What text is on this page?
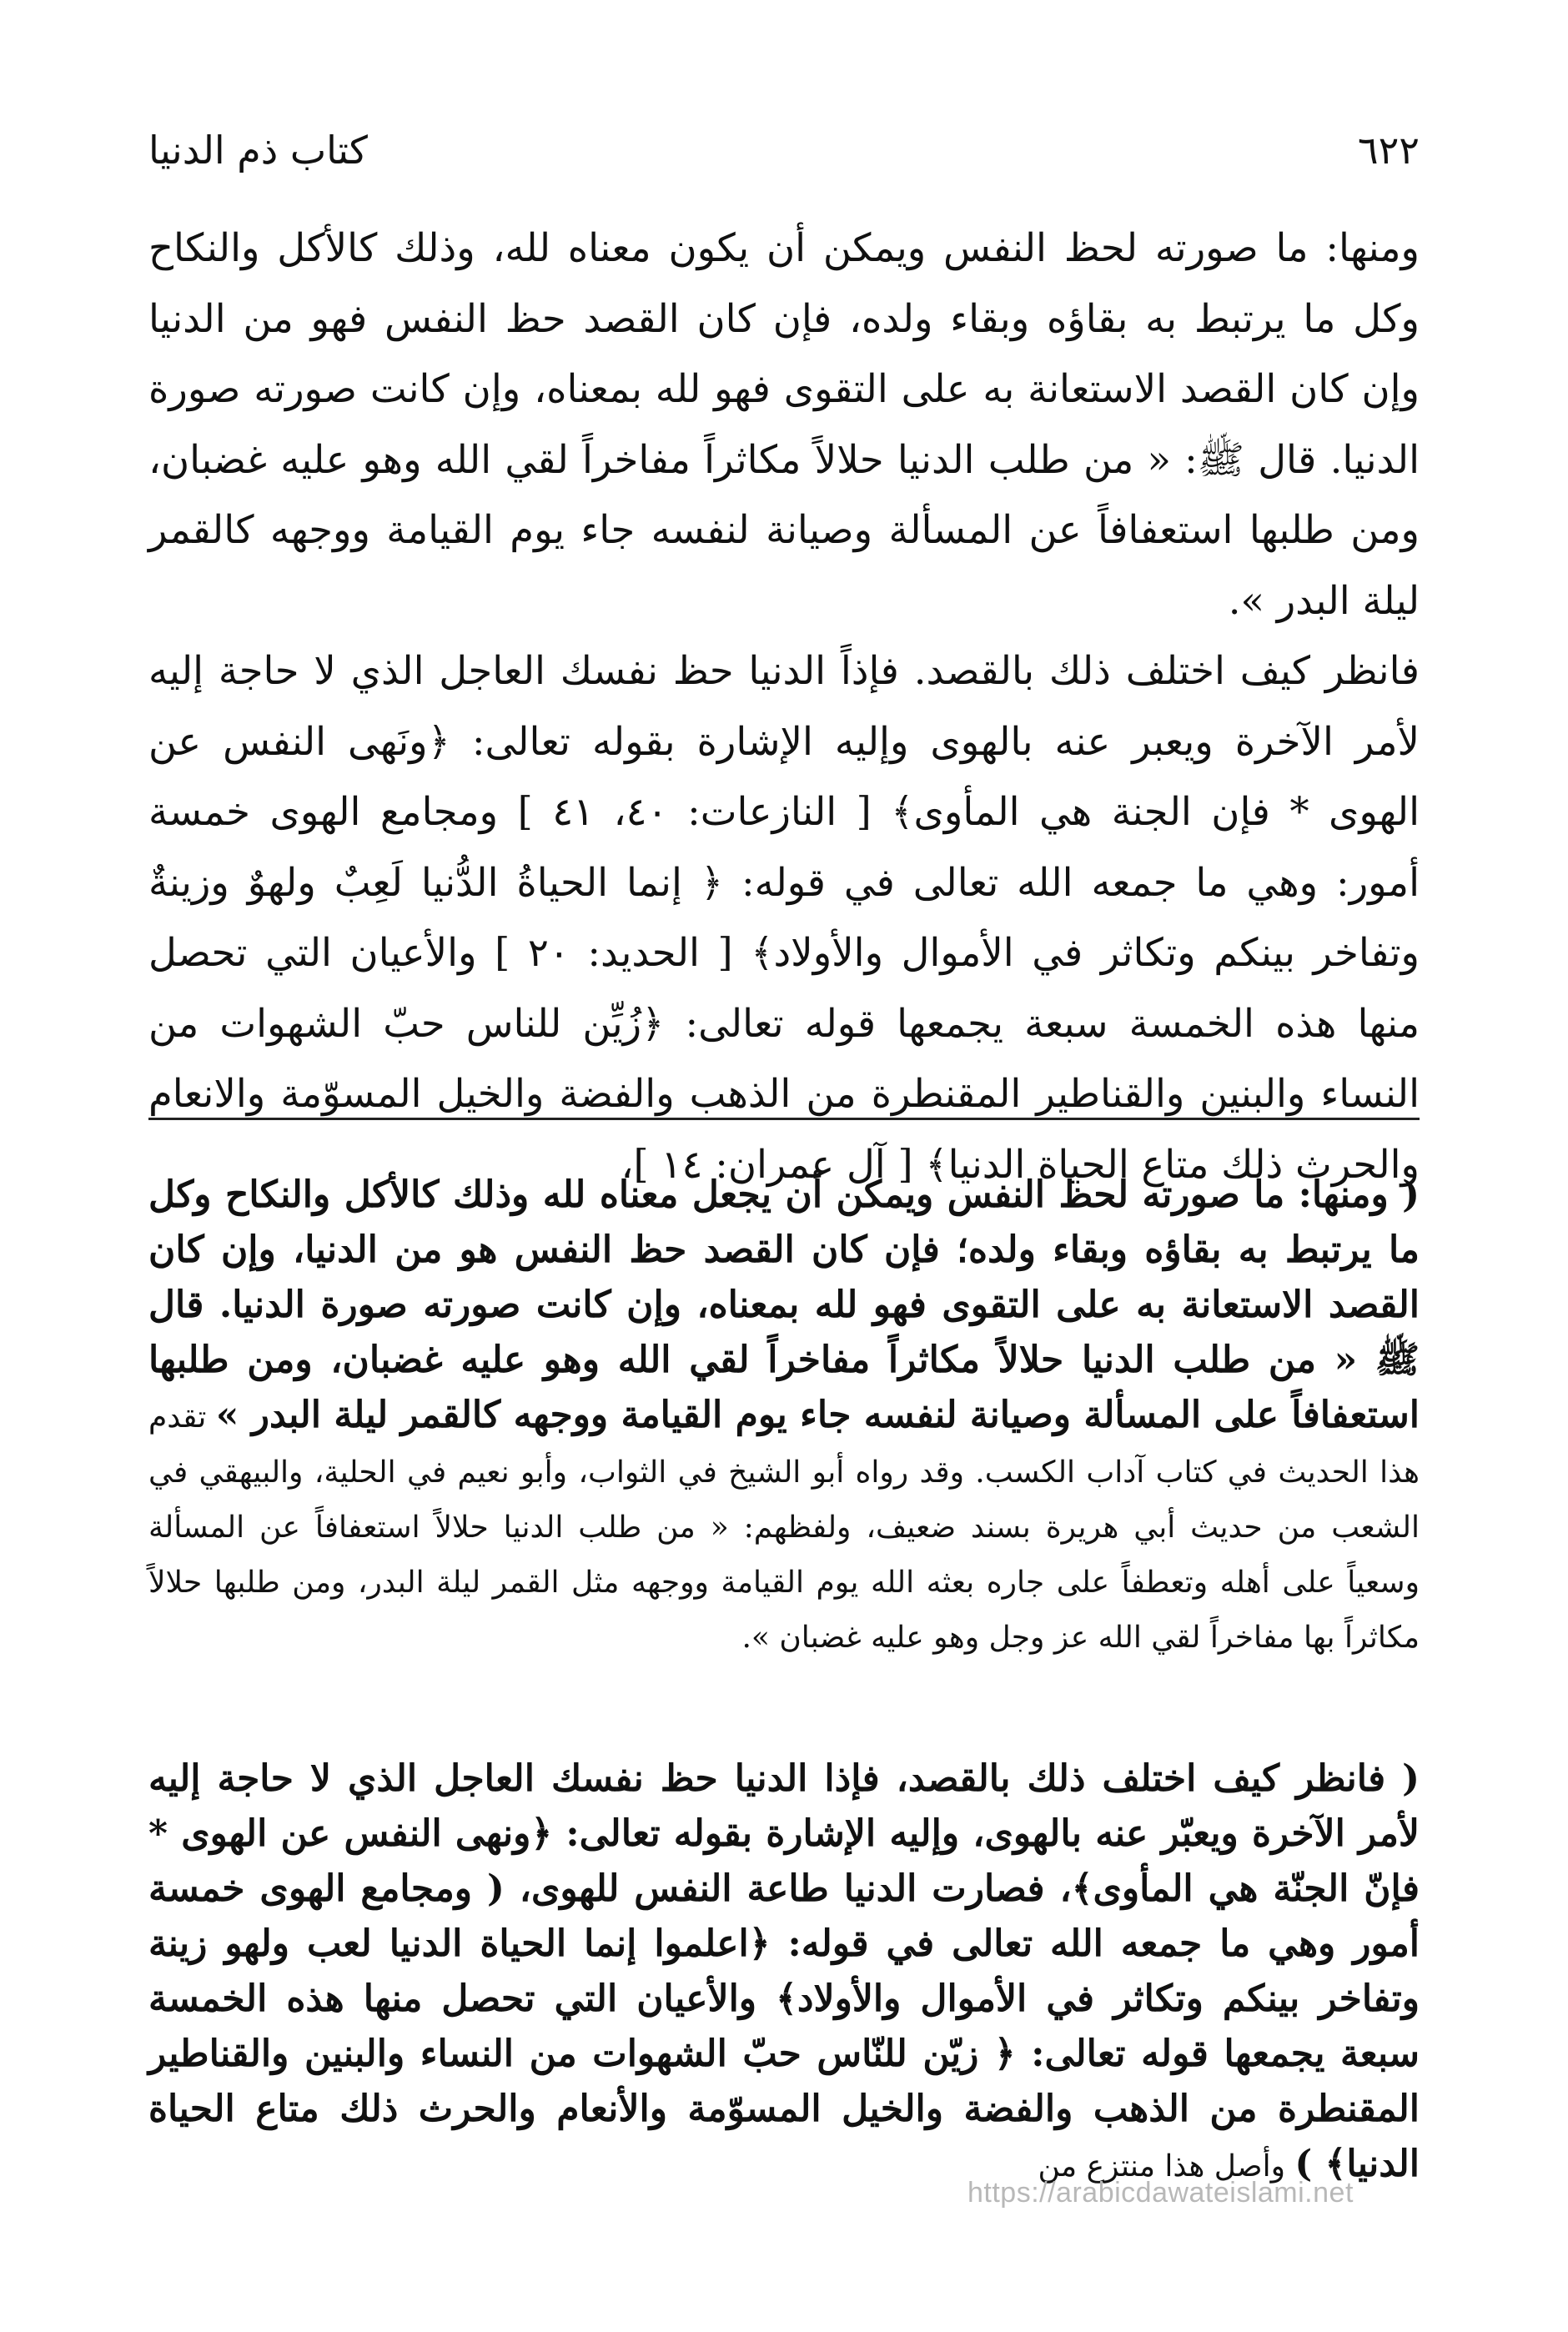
٦٢٢
كتاب ذم الدنيا

ومنها: ما صورته لحظ النفس ويمكن أن يكون معناه لله، وذلك كالأكل والنكاح وكل ما يرتبط به بقاؤه وبقاء ولده، فإن كان القصد حظ النفس فهو من الدنيا وإن كان القصد الاستعانة به على التقوى فهو لله بمعناه، وإن كانت صورته صورة الدنيا. قال ﷺ: « من طلب الدنيا حلالاً مكاثراً مفاخراً لقي الله وهو عليه غضبان، ومن طلبها استعفافاً عن المسألة وصيانة لنفسه جاء يوم القيامة ووجهه كالقمر ليلة البدر ».

فانظر كيف اختلف ذلك بالقصد. فإذاً الدنيا حظ نفسك العاجل الذي لا حاجة إليه لأمر الآخرة ويعبر عنه بالهوى وإليه الإشارة بقوله تعالى: ﴿ونَهى النفس عن الهوى * فإن الجنة هي المأوى﴾ [ النازعات: ٤٠، ٤١ ] ومجامع الهوى خمسة أمور: وهي ما جمعه الله تعالى في قوله: ﴿ إنما الحياةُ الدُّنيا لَعِبٌ ولهوٌ وزينةٌ وتفاخر بينكم وتكاثر في الأموال والأولاد﴾ [ الحديد: ٢٠ ] والأعيان التي تحصل منها هذه الخمسة سبعة يجمعها قوله تعالى: ﴿زُيِّن للناس حبّ الشهوات من النساء والبنين والقناطير المقنطرة من الذهب والفضة والخيل المسوّمة والانعام والحرث ذلك متاع الحياة الدنيا﴾ [ آل عمران: ١٤ ]،

( ومنها: ما صورته لحظ النفس ويمكن أن يجعل معناه لله وذلك كالأكل والنكاح وكل ما يرتبط به بقاؤه وبقاء ولده؛ فإن كان القصد حظ النفس هو من الدنيا، وإن كان القصد الاستعانة به على التقوى فهو لله بمعناه، وإن كانت صورته صورة الدنيا. قال ﷺ « من طلب الدنيا حلالاً مكاثراً مفاخراً لقي الله وهو عليه غضبان، ومن طلبها استعفافاً على المسألة وصيانة لنفسه جاء يوم القيامة ووجهه كالقمر ليلة البدر » تقدم هذا الحديث في كتاب آداب الكسب. وقد رواه أبو الشيخ في الثواب، وأبو نعيم في الحلية، والبيهقي في الشعب من حديث أبي هريرة بسند ضعيف، ولفظهم: « من طلب الدنيا حلالاً استعفافاً عن المسألة وسعياً على أهله وتعطفاً على جاره بعثه الله يوم القيامة ووجهه مثل القمر ليلة البدر، ومن طلبها حلالاً مكاثراً بها مفاخراً لقي الله عز وجل وهو عليه غضبان ».

( فانظر كيف اختلف ذلك بالقصد، فإذا الدنيا حظ نفسك العاجل الذي لا حاجة إليه لأمر الآخرة ويعبّر عنه بالهوى، وإليه الإشارة بقوله تعالى: ﴿ونهى النفس عن الهوى * فإنّ الجنّة هي المأوى﴾، فصارت الدنيا طاعة النفس للهوى، ( ومجامع الهوى خمسة أمور وهي ما جمعه الله تعالى في قوله: ﴿اعلموا إنما الحياة الدنيا لعب ولهو زينة وتفاخر بينكم وتكاثر في الأموال والأولاد﴾ والأعيان التي تحصل منها هذه الخمسة سبعة يجمعها قوله تعالى: ﴿ زيّن للنّاس حبّ الشهوات من النساء والبنين والقناطير المقنطرة من الذهب والفضة والخيل المسوّمة والأنعام والحرث ذلك متاع الحياة الدنيا﴾ ) وأصل هذا منتزع من

https://arabicdawateislami.net
